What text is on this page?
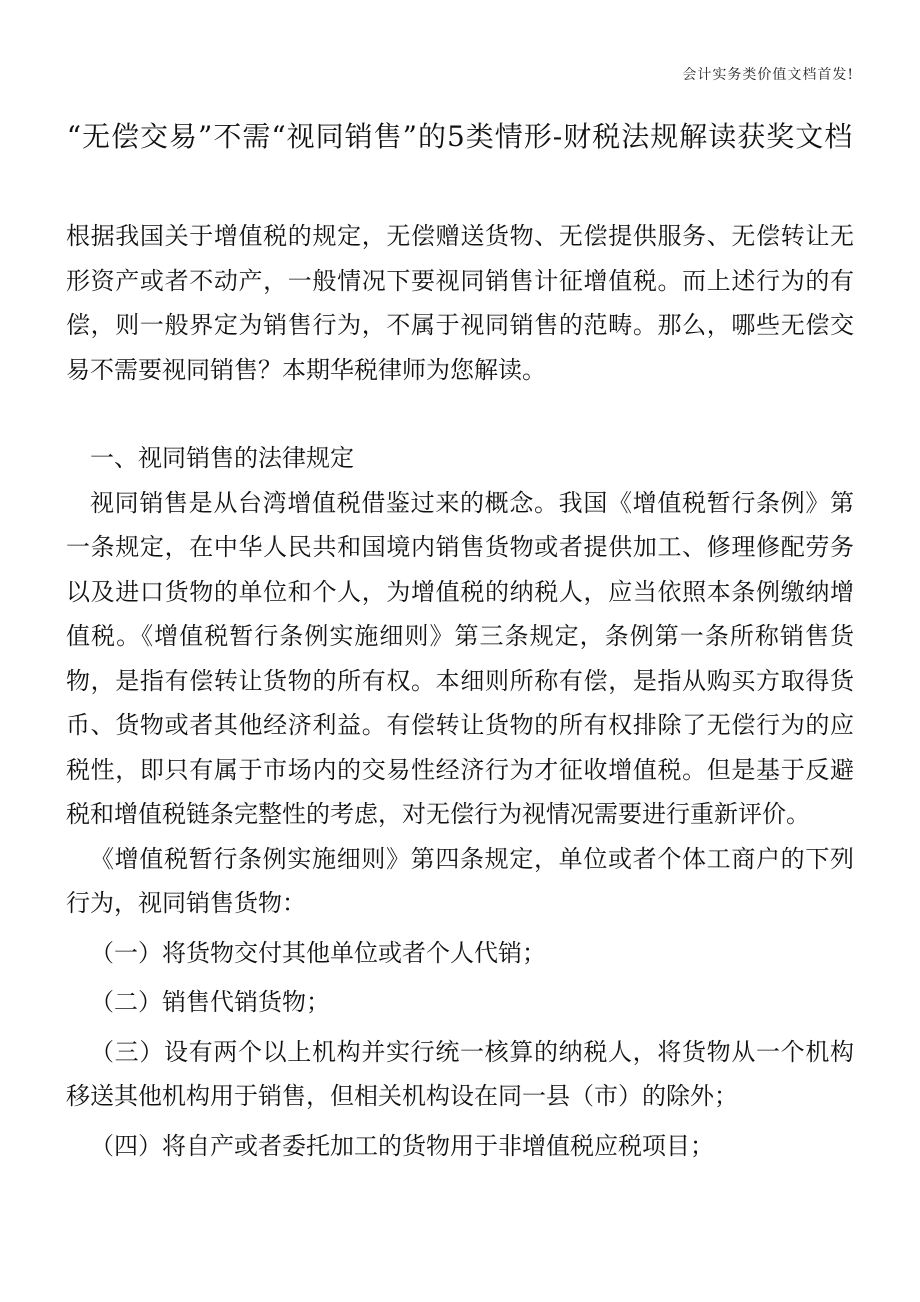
会计实务类价值文档首发!
“无偿交易”不需“视同销售”的5类情形-财税法规解读获奖文档

根据我国关于增值税的规定，无偿赠送货物、无偿提供服务、无偿转让无形资产或者不动产，一般情况下要视同销售计征增值税。而上述行为的有偿，则一般界定为销售行为，不属于视同销售的范畴。那么，哪些无偿交易不需要视同销售？本期华税律师为您解读。

一、视同销售的法律规定

视同销售是从台湾增值税借鉴过来的概念。我国《增值税暂行条例》第一条规定，在中华人民共和国境内销售货物或者提供加工、修理修配劳务以及进口货物的单位和个人，为增值税的纳税人，应当依照本条例缴纳增值税。《增值税暂行条例实施细则》第三条规定，条例第一条所称销售货物，是指有偿转让货物的所有权。本细则所称有偿，是指从购买方取得货币、货物或者其他经济利益。有偿转让货物的所有权排除了无偿行为的应税性，即只有属于市场内的交易性经济行为才征收增值税。但是基于反避税和增值税链条完整性的考虑，对无偿行为视情况需要进行重新评价。

《增值税暂行条例实施细则》第四条规定，单位或者个体工商户的下列行为，视同销售货物：

（一）将货物交付其他单位或者个人代销；

（二）销售代销货物；

（三）设有两个以上机构并实行统一核算的纳税人，将货物从一个机构移送其他机构用于销售，但相关机构设在同一县（市）的除外；

（四）将自产或者委托加工的货物用于非增值税应税项目；
